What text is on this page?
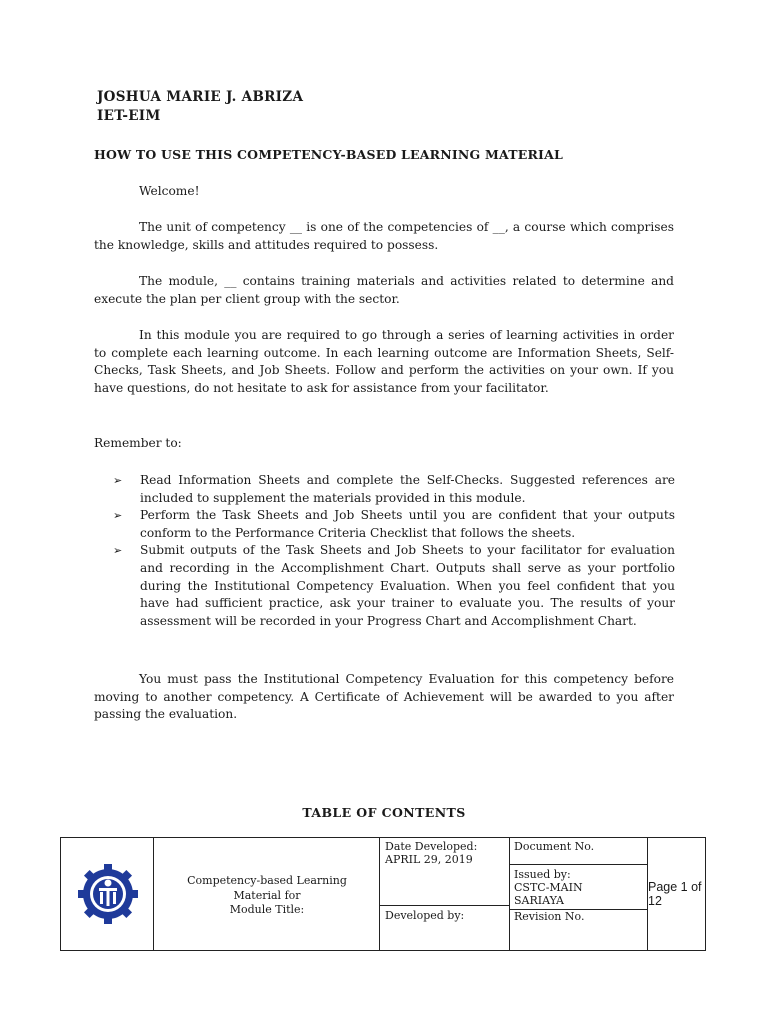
JOSHUA MARIE J. ABRIZA
IET-EIM
HOW TO USE THIS COMPETENCY-BASED LEARNING MATERIAL
Welcome!
The unit of competency __ is one of the competencies of __, a course which comprises the knowledge, skills and attitudes required to possess.
The module, __ contains training materials and activities related to determine and execute the plan per client group with the sector.
In this module you are required to go through a series of learning activities in order to complete each learning outcome. In each learning outcome are Information Sheets, Self-Checks, Task Sheets, and Job Sheets. Follow and perform the activities on your own. If you have questions, do not hesitate to ask for assistance from your facilitator.
Remember to:
➢ Read Information Sheets and complete the Self-Checks. Suggested references are included to supplement the materials provided in this module.
➢ Perform the Task Sheets and Job Sheets until you are confident that your outputs conform to the Performance Criteria Checklist that follows the sheets.
➢ Submit outputs of the Task Sheets and Job Sheets to your facilitator for evaluation and recording in the Accomplishment Chart. Outputs shall serve as your portfolio during the Institutional Competency Evaluation. When you feel confident that you have had sufficient practice, ask your trainer to evaluate you. The results of your assessment will be recorded in your Progress Chart and Accomplishment Chart.
You must pass the Institutional Competency Evaluation for this competency before moving to another competency. A Certificate of Achievement will be awarded to you after passing the evaluation.
TABLE OF CONTENTS
Competency-based Learning
Material for
Module Title:
Date Developed:
APRIL 29, 2019
Developed by:
Document No.
Issued by:
CSTC-MAIN
SARIAYA
Revision No.
Page 1 of 12
